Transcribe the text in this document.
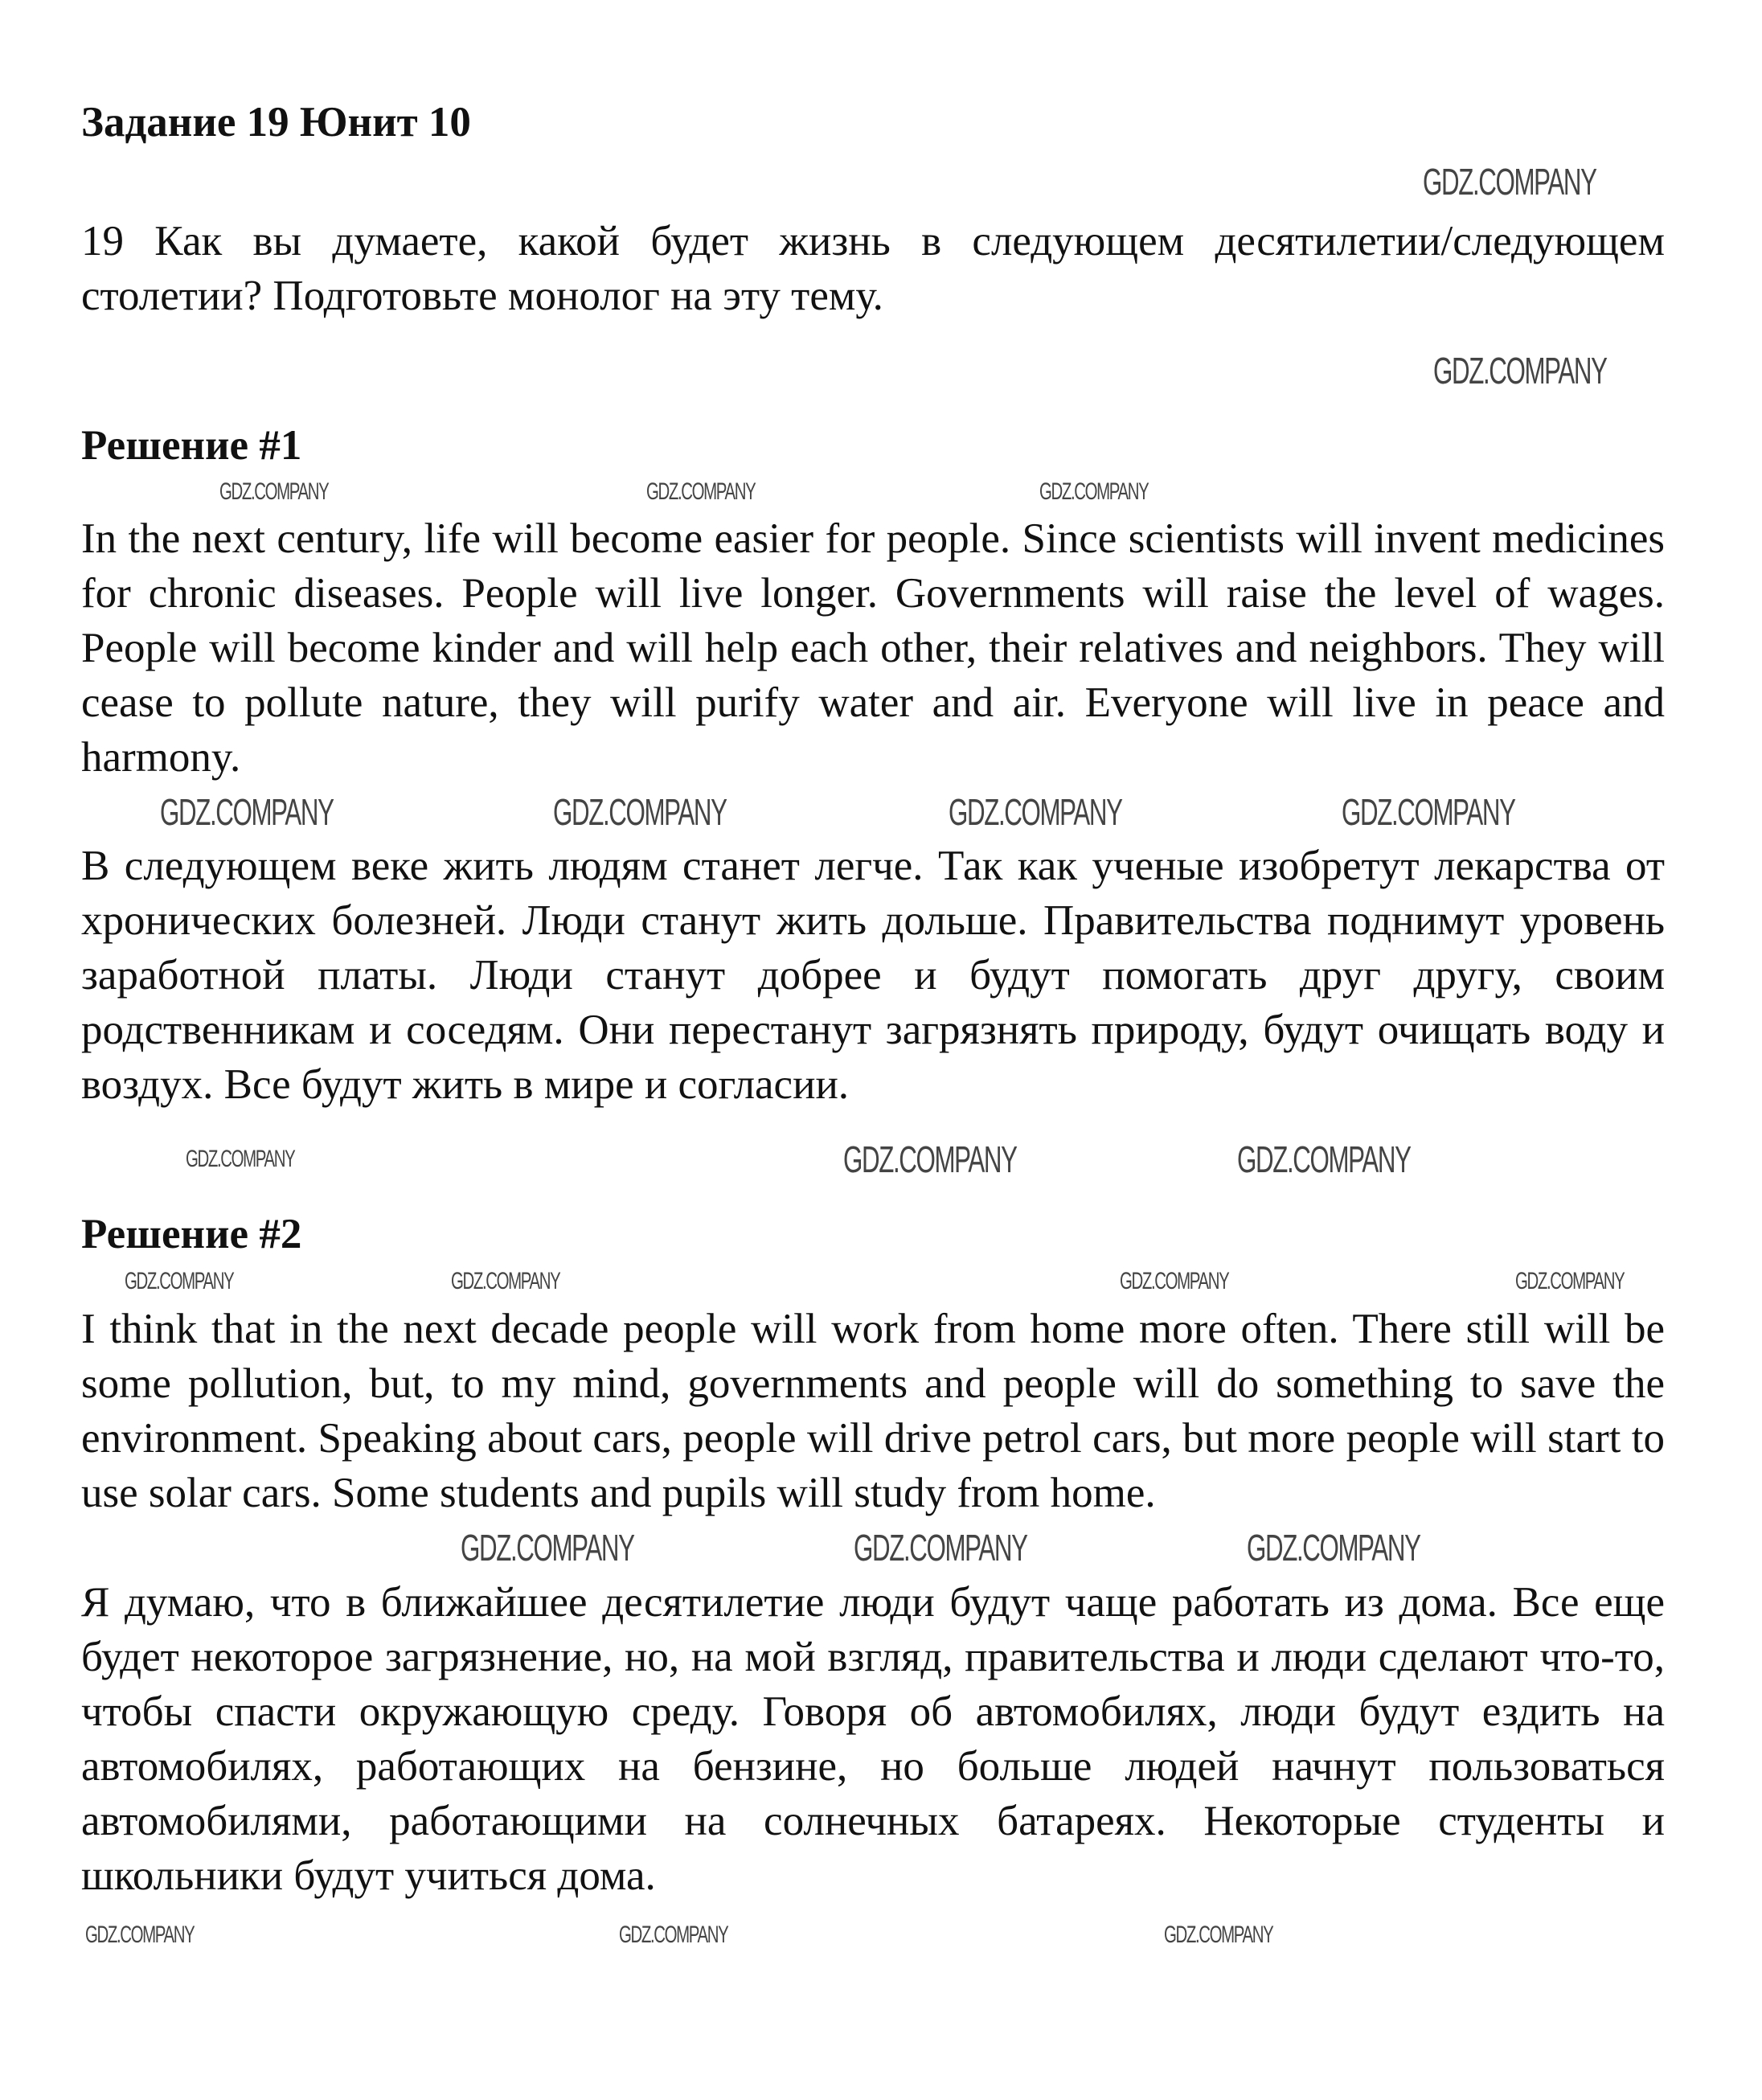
Задание 19 Юнит 10
GDZ.COMPANY

19 Как вы думаете, какой будет жизнь в следующем десятилетии/следующем столетии? Подготовьте монолог на эту тему.

GDZ.COMPANY
Решение #1
GDZ.COMPANY	GDZ.COMPANY	GDZ.COMPANY

In the next century, life will become easier for people. Since scientists will invent medicines for chronic diseases. People will live longer. Governments will raise the level of wages. People will become kinder and will help each other, their relatives and neighbors. They will cease to pollute nature, they will purify water and air. Everyone will live in peace and harmony.

GDZ.COMPANY	GDZ.COMPANY	GDZ.COMPANY	GDZ.COMPANY

В следующем веке жить людям станет легче. Так как ученые изобретут лекарства от хронических болезней. Люди станут жить дольше. Правительства поднимут уровень заработной платы. Люди станут добрее и будут помогать друг другу, своим родственникам и соседям. Они перестанут загрязнять природу, будут очищать воду и воздух. Все будут жить в мире и согласии.

GDZ.COMPANY	GDZ.COMPANY	GDZ.COMPANY
Решение #2
GDZ.COMPANY	GDZ.COMPANY	GDZ.COMPANY	GDZ.COMPANY

I think that in the next decade people will work from home more often. There still will be some pollution, but, to my mind, governments and people will do something to save the environment. Speaking about cars, people will drive petrol cars, but more people will start to use solar cars. Some students and pupils will study from home.

GDZ.COMPANY	GDZ.COMPANY	GDZ.COMPANY

Я думаю, что в ближайшее десятилетие люди будут чаще работать из дома. Все еще будет некоторое загрязнение, но, на мой взгляд, правительства и люди сделают что-то, чтобы спасти окружающую среду. Говоря об автомобилях, люди будут ездить на автомобилях, работающих на бензине, но больше людей начнут пользоваться автомобилями, работающими на солнечных батареях. Некоторые студенты и школьники будут учиться дома.

GDZ.COMPANY	GDZ.COMPANY	GDZ.COMPANY
